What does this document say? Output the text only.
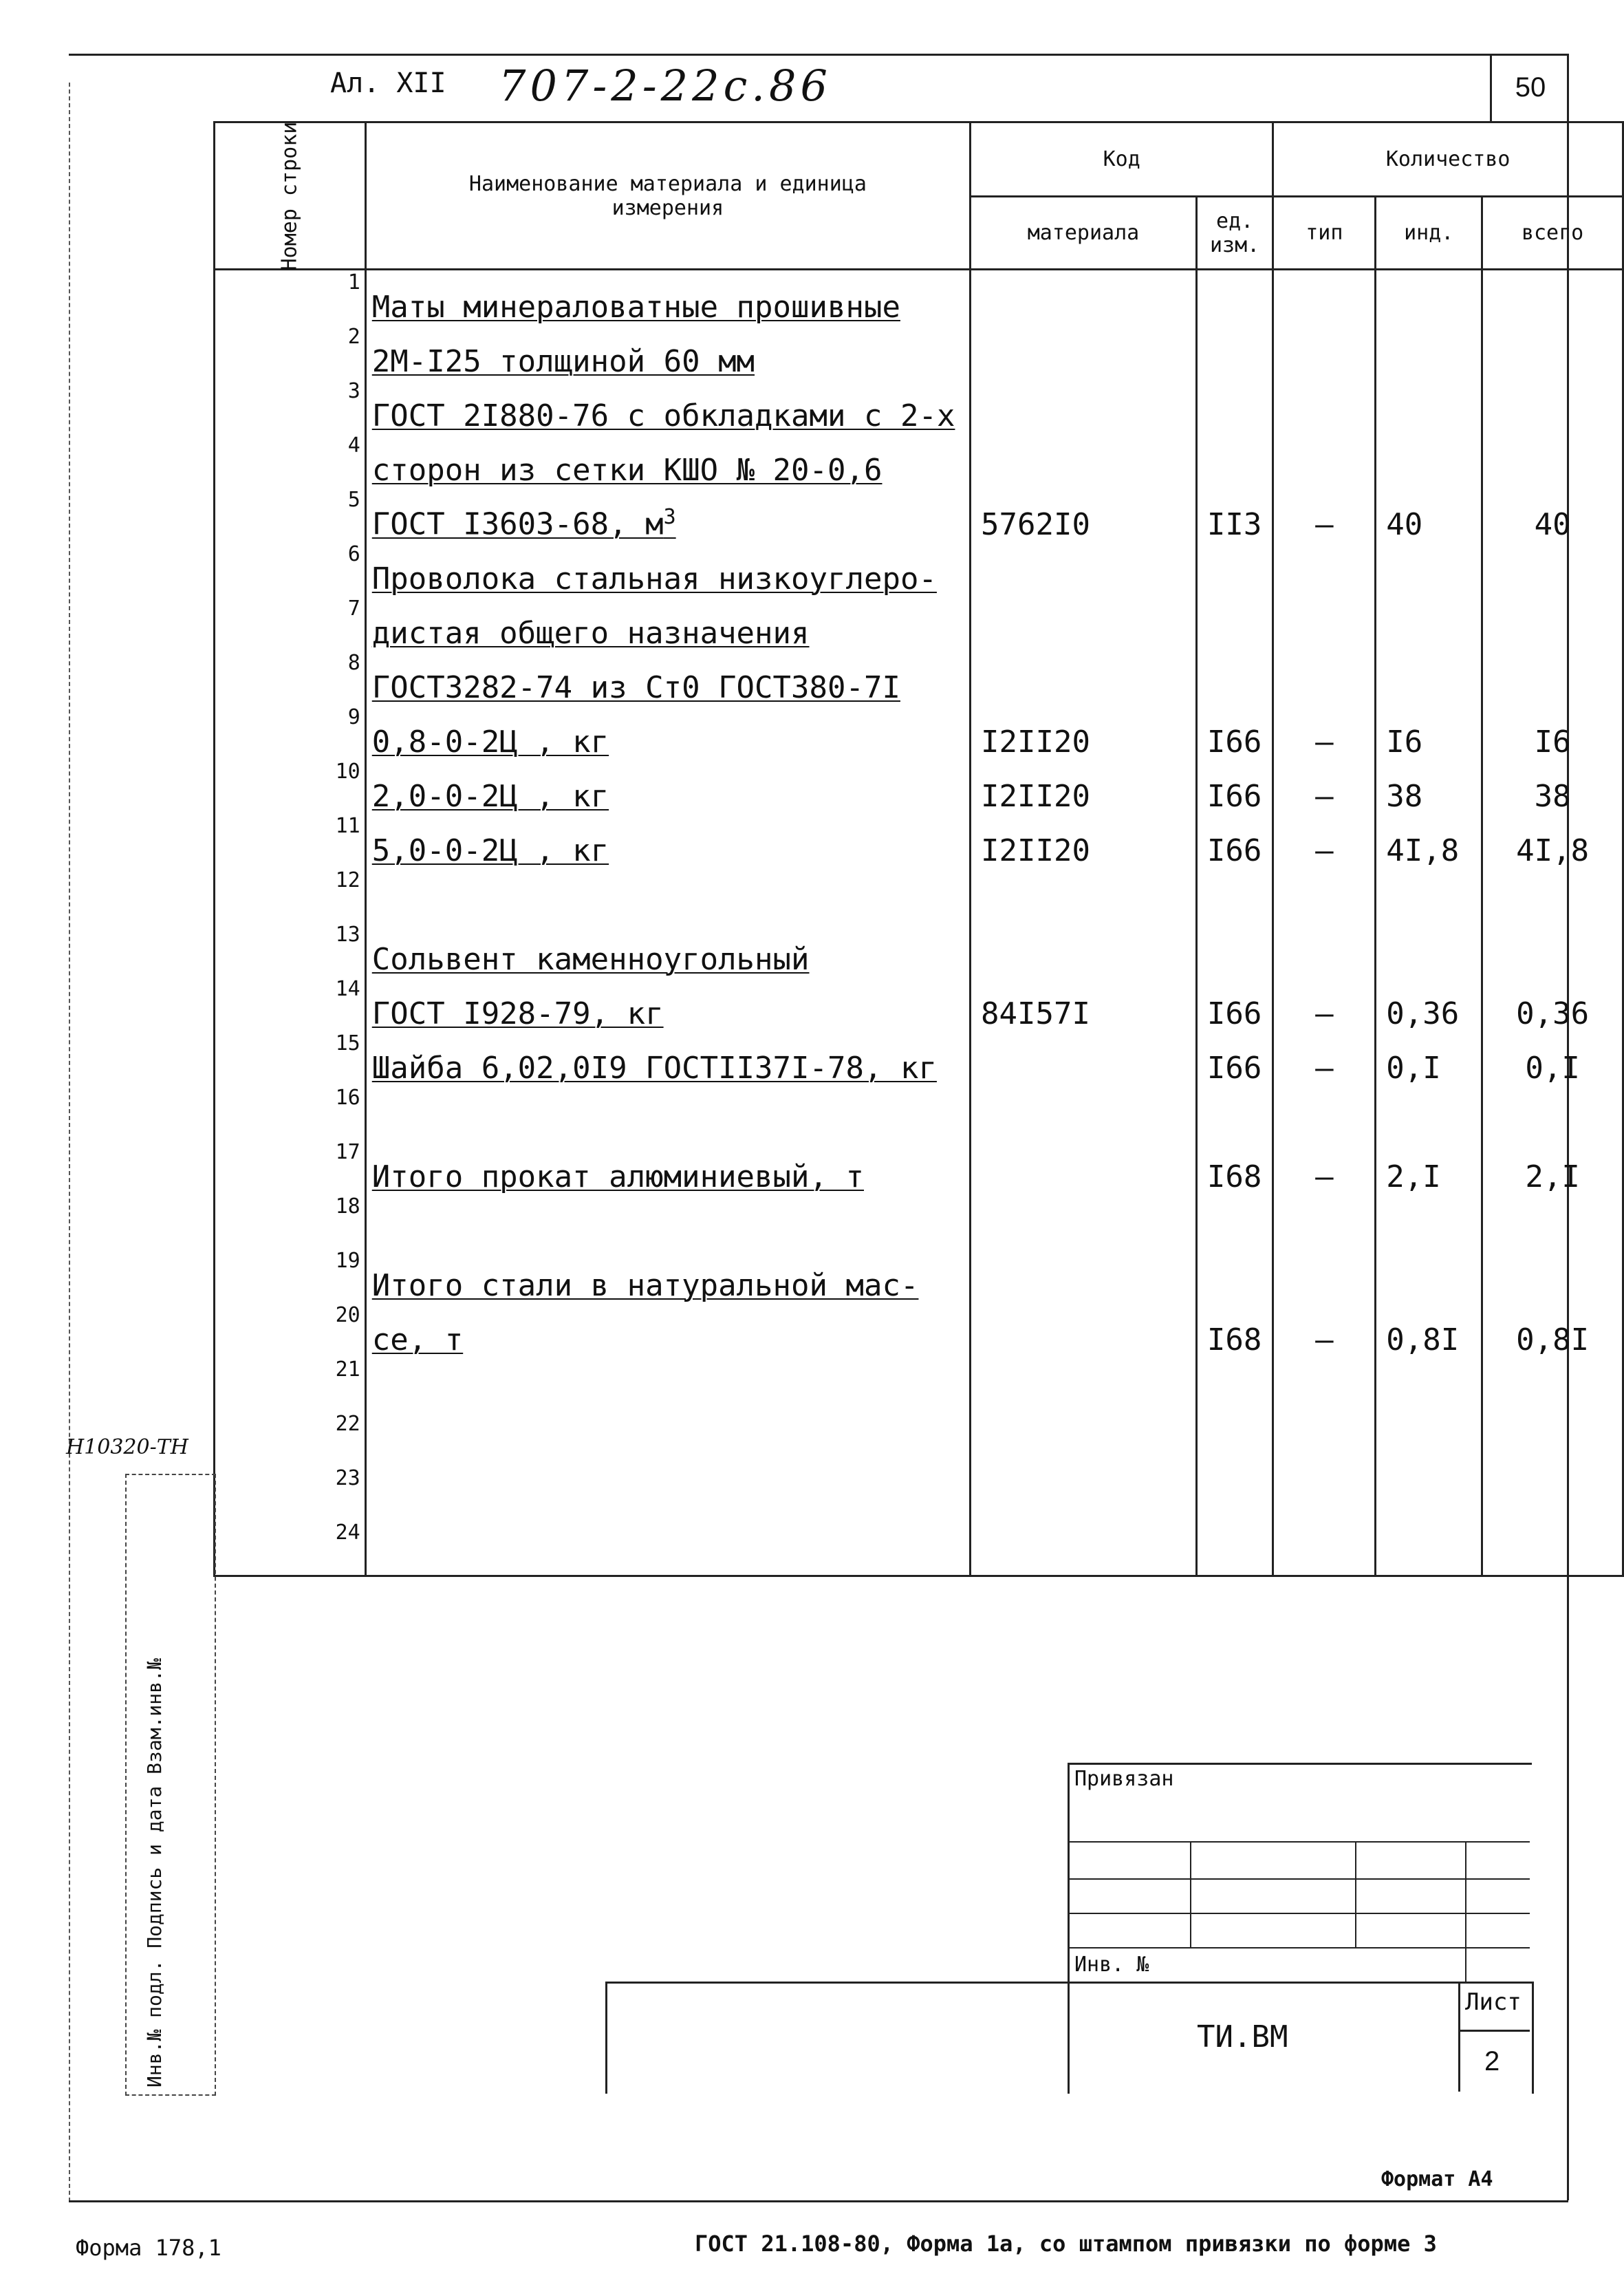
Ал. XII 707-2-22с.86	50
Номер строки	Наименование материала и единица измерения	Код		Количество		
		материала	ед. изм.	тип	инд.	всего
1	Маты минераловатные прошивные					
2	2М-I25 толщиной 60 мм					
3	ГОСТ 2I880-76 с обкладками с 2-х					
4	сторон из сетки КШО № 20-0,6					
5	ГОСТ I3603-68, $м^3$	5762I0	II3	–	40	40
6	Проволока стальная низкоуглеро-					
7	дистая общего назначения					
8	ГОСТ3282-74 из Ст0 ГОСТ380-7I					
9	0,8-0-2Ц , кг	I2II20	I66	–	I6	I6
10	2,0-0-2Ц , кг	I2II20	I66	–	38	38
11	5,0-0-2Ц , кг	I2II20	I66	–	4I,8	4I,8
12						
13	Сольвент каменноугольный					
14	ГОСТ I928-79, кг	84I57I	I66	–	0,36	0,36
15	Шайба 6,02,0I9 ГОСТII37I-78, кг		I66	–	0,I	0,I
16						
17	Итого прокат алюминиевый, т		I68	–	2,I	2,I
18						
19	Итого стали в натуральной мас-					
20	се, т		I68	–	0,8I	0,8I
21						
22						
23						
24						
Н10320-ТН
Инв.№ подл. Подпись и дата Взам.инв.№	Привязан
Инв. №
ТИ.ВМ
Лист
2
Формат А4
Форма 178,1	ГОСТ 21.108-80, Форма 1а, со штампом привязки по форме 3
